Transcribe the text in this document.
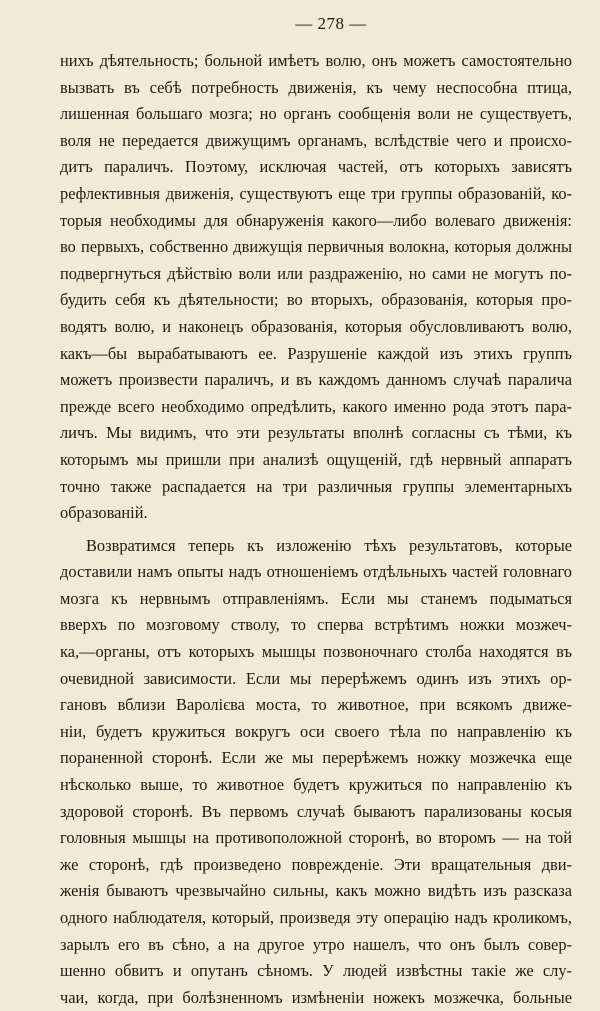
— 278 —
нихъ дѣятельность; больной имѣетъ волю, онъ можетъ самостоятельно
вызвать въ себѣ потребность движенія, къ чему неспособна птица,
лишенная большаго мозга; но органъ сообщенія воли не существуетъ,
воля не передается движущимъ органамъ, вслѣдствіе чего и происхо-
дитъ параличъ. Поэтому, исключая частей, отъ которыхъ зависятъ
рефлективныя движенія, существуютъ еще три группы образованій, ко-
торыя необходимы для обнаруженія какого—либо волеваго движенія:
во первыхъ, собственно движущія первичныя волокна, которыя должны
подвергнуться дѣйствію воли или раздраженію, но сами не могутъ по-
будить себя къ дѣятельности; во вторыхъ, образованія, которыя про-
водятъ волю, и наконецъ образованія, которыя обусловливаютъ волю,
какъ—бы вырабатываютъ ее. Разрушеніе каждой изъ этихъ группъ
можетъ произвести параличъ, и въ каждомъ данномъ случаѣ паралича
прежде всего необходимо опредѣлить, какого именно рода этотъ пара-
личъ. Мы видимъ, что эти результаты вполнѣ согласны съ тѣми, къ
которымъ мы пришли при анализѣ ощущеній, гдѣ нервный аппаратъ
точно также распадается на три различныя группы элементарныхъ
образованій.
Возвратимся теперь къ изложенію тѣхъ результатовъ, которые
доставили намъ опыты надъ отношеніемъ отдѣльныхъ частей головнаго
мозга къ нервнымъ отправленіямъ. Если мы станемъ подыматься
вверхъ по мозговому стволу, то сперва встрѣтимъ ножки мозжеч-
ка,—органы, отъ которыхъ мышцы позвоночнаго столба находятся въ
очевидной зависимости. Если мы перерѣжемъ одинъ изъ этихъ ор-
гановъ вблизи Варолієва моста, то животное, при всякомъ движе-
ніи, будетъ кружиться вокругъ оси своего тѣла по направленію къ
пораненной сторонѣ. Если же мы перерѣжемъ ножку мозжечка еще
нѣсколько выше, то животное будетъ кружиться по направленію къ
здоровой сторонѣ. Въ первомъ случаѣ бываютъ парализованы косыя
головныя мышцы на противоположной сторонѣ, во второмъ — на той
же сторонѣ, гдѣ произведено поврежденіе. Эти вращательныя дви-
женія бываютъ чрезвычайно сильны, какъ можно видѣть изъ разсказа
одного наблюдателя, который, произведя эту операцію надъ кроликомъ,
зарылъ его въ сѣно, а на другое утро нашелъ, что онъ былъ совер-
шенно обвитъ и опутанъ сѣномъ. У людей извѣстны такіе же слу-
чаи, когда, при болѣзненномъ измѣненіи ножекъ мозжечка, больные
